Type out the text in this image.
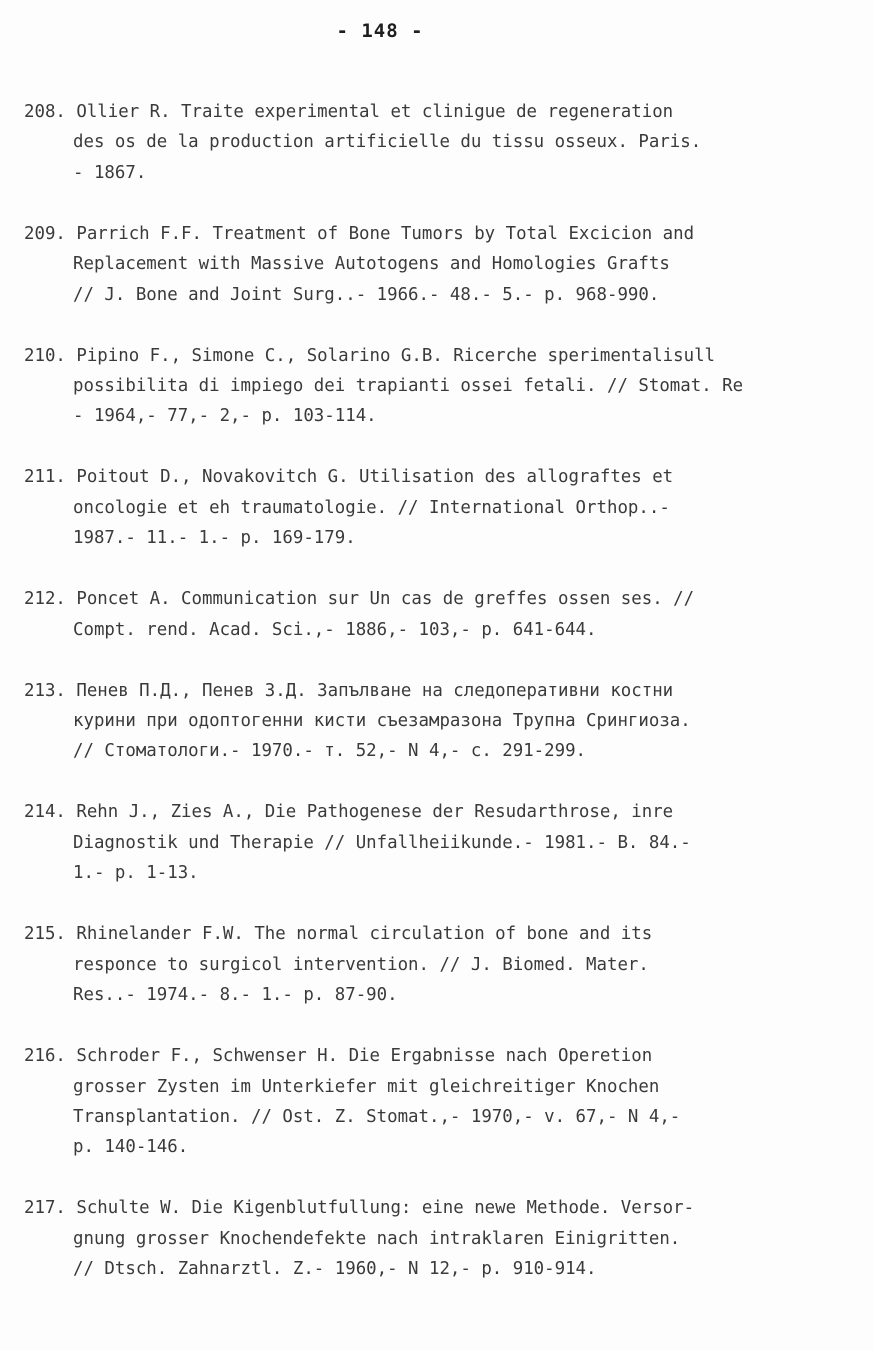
- 148 -
208. Ollier R. Traite experimental et clinigue de regeneration
des os de la production artificielle du tissu osseux. Paris.
- 1867.
209. Parrich F.F. Treatment of Bone Tumors by Total Excicion and
Replacement with Massive Autotogens and Homologies Grafts
// J. Bone and Joint Surg..- 1966.- 48.- 5.- p. 968-990.
210. Pipino F., Simone C., Solarino G.B. Ricerche sperimentalisull
possibilita di impiego dei trapianti ossei fetali. // Stomat. Re
- 1964,- 77,- 2,- p. 103-114.
211. Poitout D., Novakovitch G. Utilisation des allograftes et
oncologie et eh traumatologie. // International Orthop..-
1987.- 11.- 1.- p. 169-179.
212. Poncet A. Communication sur Un cas de greffes ossen ses. //
Compt. rend. Acad. Sci.,- 1886,- 103,- p. 641-644.
213. Пенев П.Д., Пенев З.Д. Запълване на следоперативни костни
курини при одоптогенни кисти съезамразона Трупна Срингиоза.
// Стоматологи.- 1970.- т. 52,- N 4,- с. 291-299.
214. Rehn J., Zies A., Die Pathogenese der Resudarthrose, inre
Diagnostik und Therapie // Unfallheiikunde.- 1981.- B. 84.-
1.- p. 1-13.
215. Rhinelander F.W. The normal circulation of bone and its
responce to surgicol intervention. // J. Biomed. Mater.
Res..- 1974.- 8.- 1.- p. 87-90.
216. Schroder F., Schwenser H. Die Ergabnisse nach Operetion
grosser Zysten im Unterkiefer mit gleichreitiger Knochen
Transplantation. // Ost. Z. Stomat.,- 1970,- v. 67,- N 4,-
p. 140-146.
217. Schulte W. Die Kigenblutfullung: eine newe Methode. Versor-
gnung grosser Knochendefekte nach intraklaren Einigritten.
// Dtsch. Zahnarztl. Z.- 1960,- N 12,- p. 910-914.
